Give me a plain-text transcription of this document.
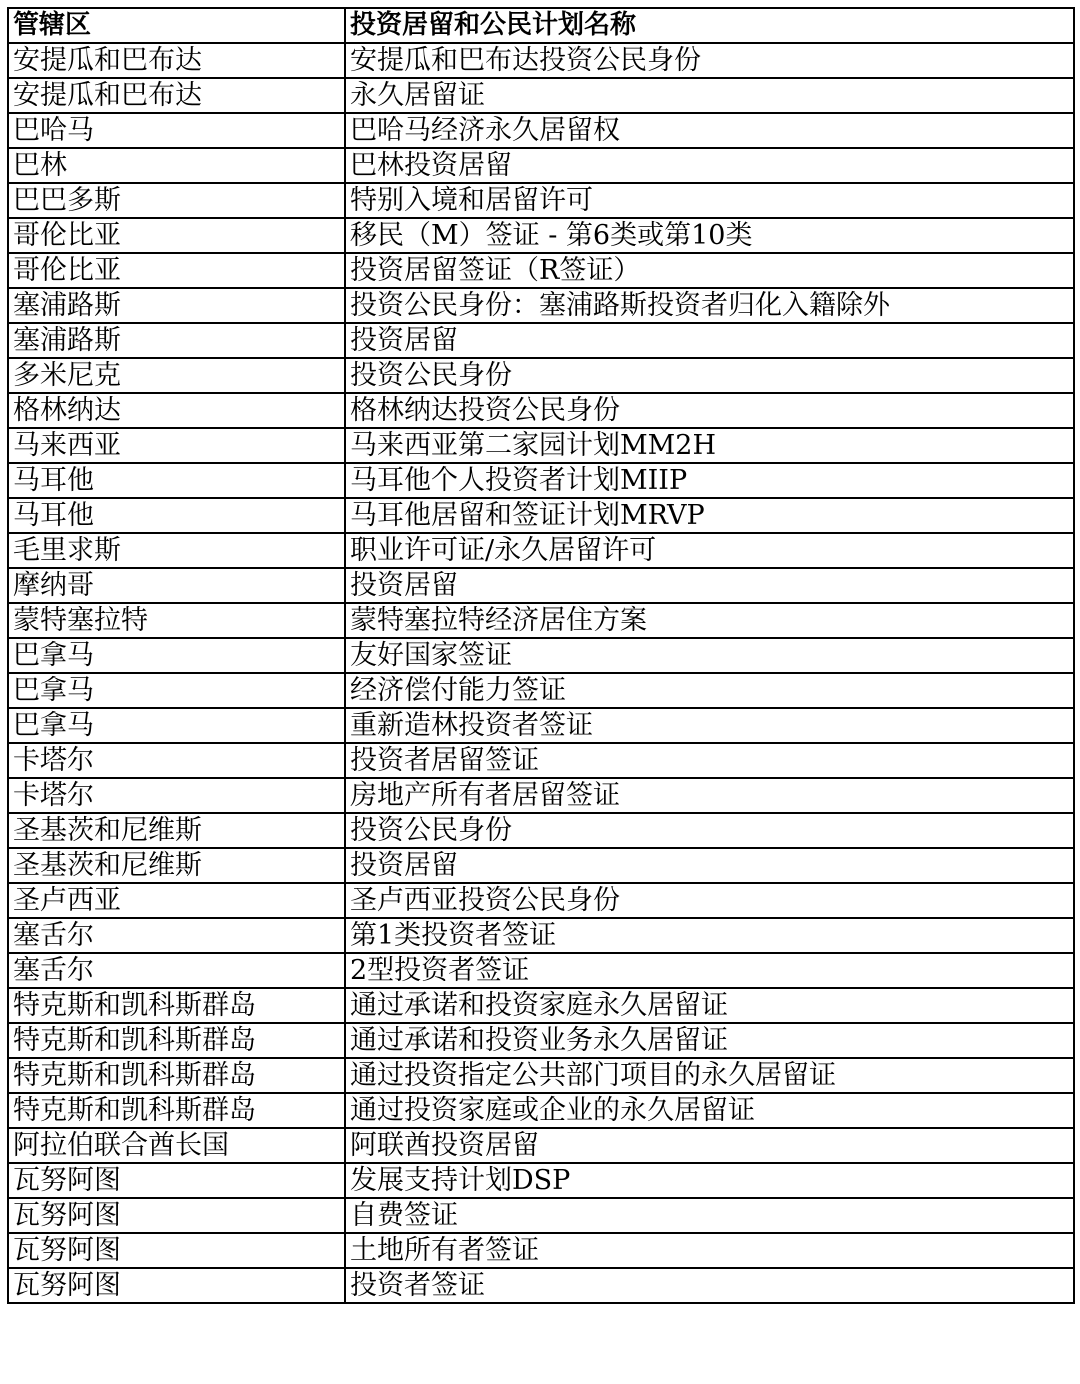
管辖区	投资居留和公民计划名称
安提瓜和巴布达	安提瓜和巴布达投资公民身份
安提瓜和巴布达	永久居留证
巴哈马	巴哈马经济永久居留权
巴林	巴林投资居留
巴巴多斯	特别入境和居留许可
哥伦比亚	移民（M）签证 - 第6类或第10类
哥伦比亚	投资居留签证（R签证）
塞浦路斯	投资公民身份：塞浦路斯投资者归化入籍除外
塞浦路斯	投资居留
多米尼克	投资公民身份
格林纳达	格林纳达投资公民身份
马来西亚	马来西亚第二家园计划MM2H
马耳他	马耳他个人投资者计划MIIP
马耳他	马耳他居留和签证计划MRVP
毛里求斯	职业许可证/永久居留许可
摩纳哥	投资居留
蒙特塞拉特	蒙特塞拉特经济居住方案
巴拿马	友好国家签证
巴拿马	经济偿付能力签证
巴拿马	重新造林投资者签证
卡塔尔	投资者居留签证
卡塔尔	房地产所有者居留签证
圣基茨和尼维斯	投资公民身份
圣基茨和尼维斯	投资居留
圣卢西亚	圣卢西亚投资公民身份
塞舌尔	第1类投资者签证
塞舌尔	2型投资者签证
特克斯和凯科斯群岛	通过承诺和投资家庭永久居留证
特克斯和凯科斯群岛	通过承诺和投资业务永久居留证
特克斯和凯科斯群岛	通过投资指定公共部门项目的永久居留证
特克斯和凯科斯群岛	通过投资家庭或企业的永久居留证
阿拉伯联合酋长国	阿联酋投资居留
瓦努阿图	发展支持计划DSP
瓦努阿图	自费签证
瓦努阿图	土地所有者签证
瓦努阿图	投资者签证
